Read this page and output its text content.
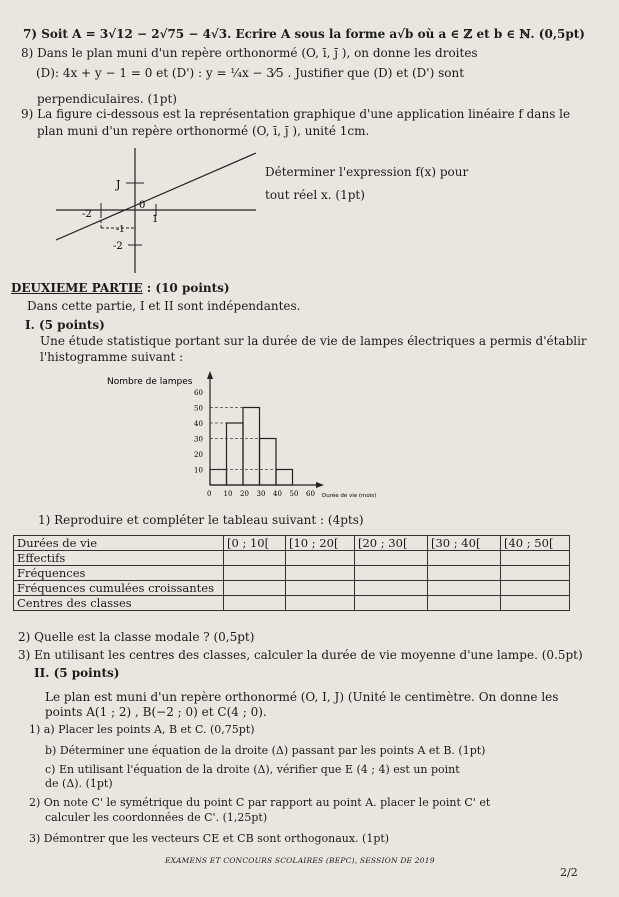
7) Soit A = 3√12 − 2√75 − 4√3. Ecrire A sous la forme a√b où a ∈ ℤ et b ∈ ℕ. (0,5pt)
8) Dans le plan muni d'un repère orthonormé (O, ī, j̄ ), on donne les droites
(D): 4x + y − 1 = 0 et (D') : y = ¼x − 3⁄5 . Justifier que (D) et (D') sont
perpendiculaires. (1pt)
9) La figure ci-dessous est la représentation graphique d'une application linéaire f dans le
plan muni d'un repère orthonormé (O, ī, j̄ ), unité 1cm.
Déterminer l'expression f(x) pour
tout réel x. (1pt)
J
-2
0
1
-1
-2
DEUXIEME PARTIE : (10 points)
Dans cette partie, I et II sont indépendantes.
I. (5 points)
Une étude statistique portant sur la durée de vie de lampes électriques a permis d'établir
l'histogramme suivant :
Nombre de lampes
Durée de vie (mois)
10
20
30
40
50
60
0 10 20 30 40 50 60
1) Reproduire et compléter le tableau suivant : (4pts)
Durées de vie	[0 ; 10[	[10 ; 20[	[20 ; 30[	[30 ; 40[	[40 ; 50[
Effectifs					
Fréquences					
Fréquences cumulées croissantes					
Centres des classes					
2) Quelle est la classe modale ? (0,5pt)
3) En utilisant les centres des classes, calculer la durée de vie moyenne d'une lampe. (0.5pt)
II. (5 points)
Le plan est muni d'un repère orthonormé (O, I, J) (Unité le centimètre. On donne les
points A(1 ; 2) , B(−2 ; 0) et C(4 ; 0).
1) a) Placer les points A, B et C. (0,75pt)
b) Déterminer une équation de la droite (Δ) passant par les points A et B. (1pt)
c) En utilisant l'équation de la droite (Δ), vérifier que E (4 ; 4) est un point
de (Δ). (1pt)
2) On note C' le symétrique du point C par rapport au point A. placer le point C' et
calculer les coordonnées de C'. (1,25pt)
3) Démontrer que les vecteurs CE et CB sont orthogonaux. (1pt)
EXAMENS ET CONCOURS SCOLAIRES (BEPC), SESSION DE 2019
2/2
